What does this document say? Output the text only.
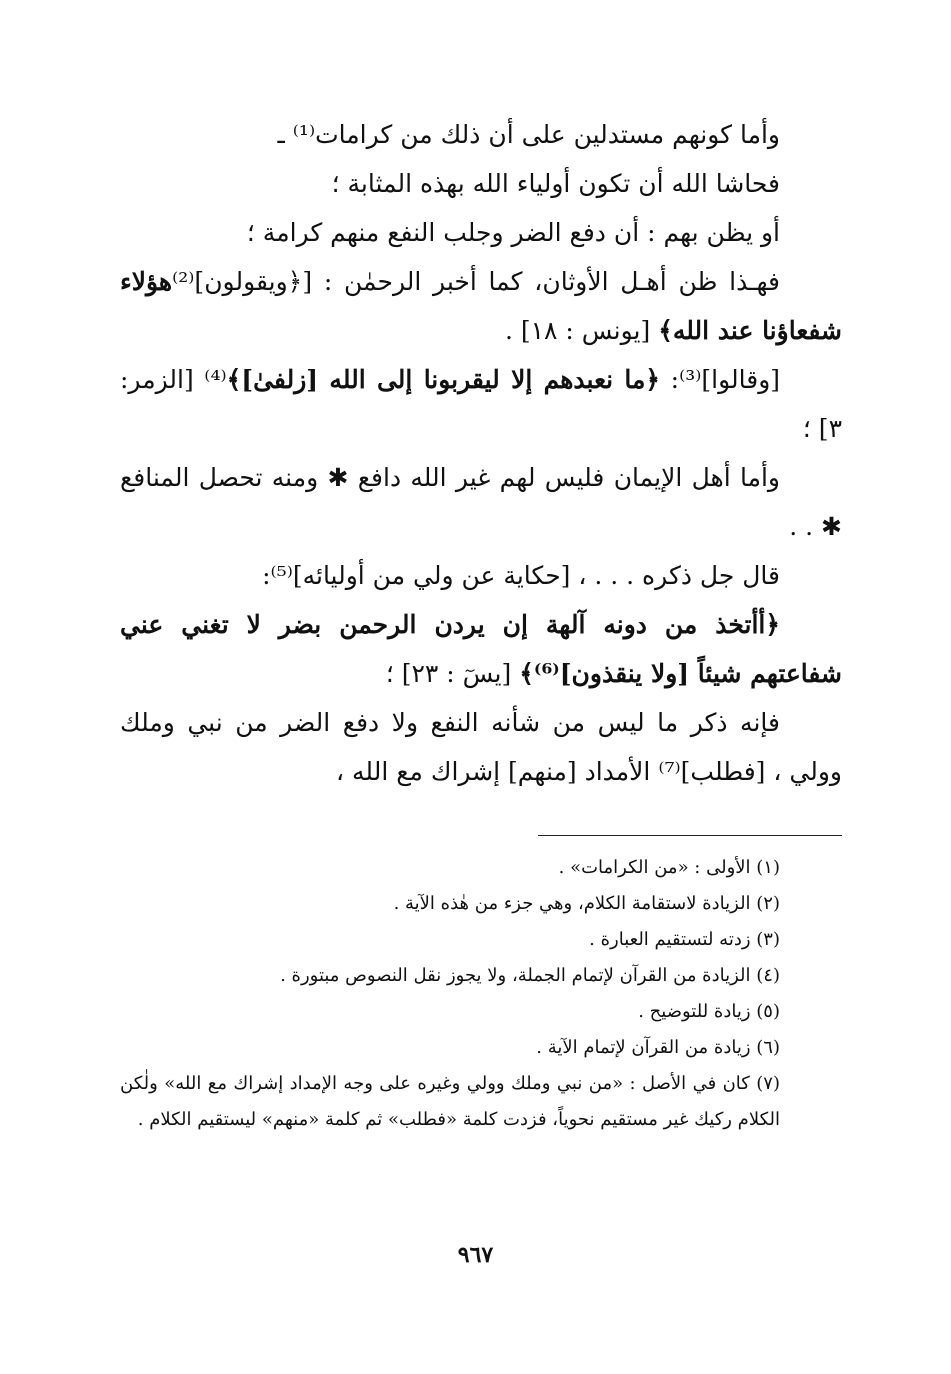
وأما كونهم مستدلين على أن ذلك من كرامات⁽¹⁾ ـ

فحاشا الله أن تكون أولياء الله بهذه المثابة ؛

أو يظن بهم : أن دفع الضر وجلب النفع منهم كرامة ؛

فهـذا ظن أهـل الأوثان، كما أخبر الرحمٰن : [﴿ويقولون]⁽²⁾هؤلاء شفعاؤنا عند الله﴾ [يونس : ١٨] .

[وقالوا]⁽³⁾: ﴿ما نعبدهم إلا ليقربونا إلى الله [زلفىٰ]﴾⁽⁴⁾ [الزمر: ٣] ؛

وأما أهل الإيمان فليس لهم غير الله دافع ✱ ومنه تحصل المنافع ✱ . .

قال جل ذكره . . . ، [حكاية عن ولي من أوليائه]⁽⁵⁾:

﴿أأتخذ من دونه آلهة إن يردن الرحمن بضر لا تغني عني شفاعتهم شيئاً [ولا ينقذون]⁽⁶⁾﴾ [يسٓ : ٢٣] ؛

فإنه ذكر ما ليس من شأنه النفع ولا دفع الضر من نبي وملك وولي ، [فطلب]⁽⁷⁾ الأمداد [منهم] إشراك مع الله ،

(١) الأولى : «من الكرامات» .

(٢) الزيادة لاستقامة الكلام، وهي جزء من هٰذه الآية .

(٣) زدته لتستقيم العبارة .

(٤) الزيادة من القرآن لإتمام الجملة، ولا يجوز نقل النصوص مبتورة .

(٥) زيادة للتوضيح .

(٦) زيادة من القرآن لإتمام الآية .

(٧) كان في الأصل : «من نبي وملك وولي وغيره على وجه الإمداد إشراك مع الله» ولٰكن الكلام ركيك غير مستقيم نحوياً، فزدت كلمة «فطلب» ثم كلمة «منهم» ليستقيم الكلام .

٩٦٧
